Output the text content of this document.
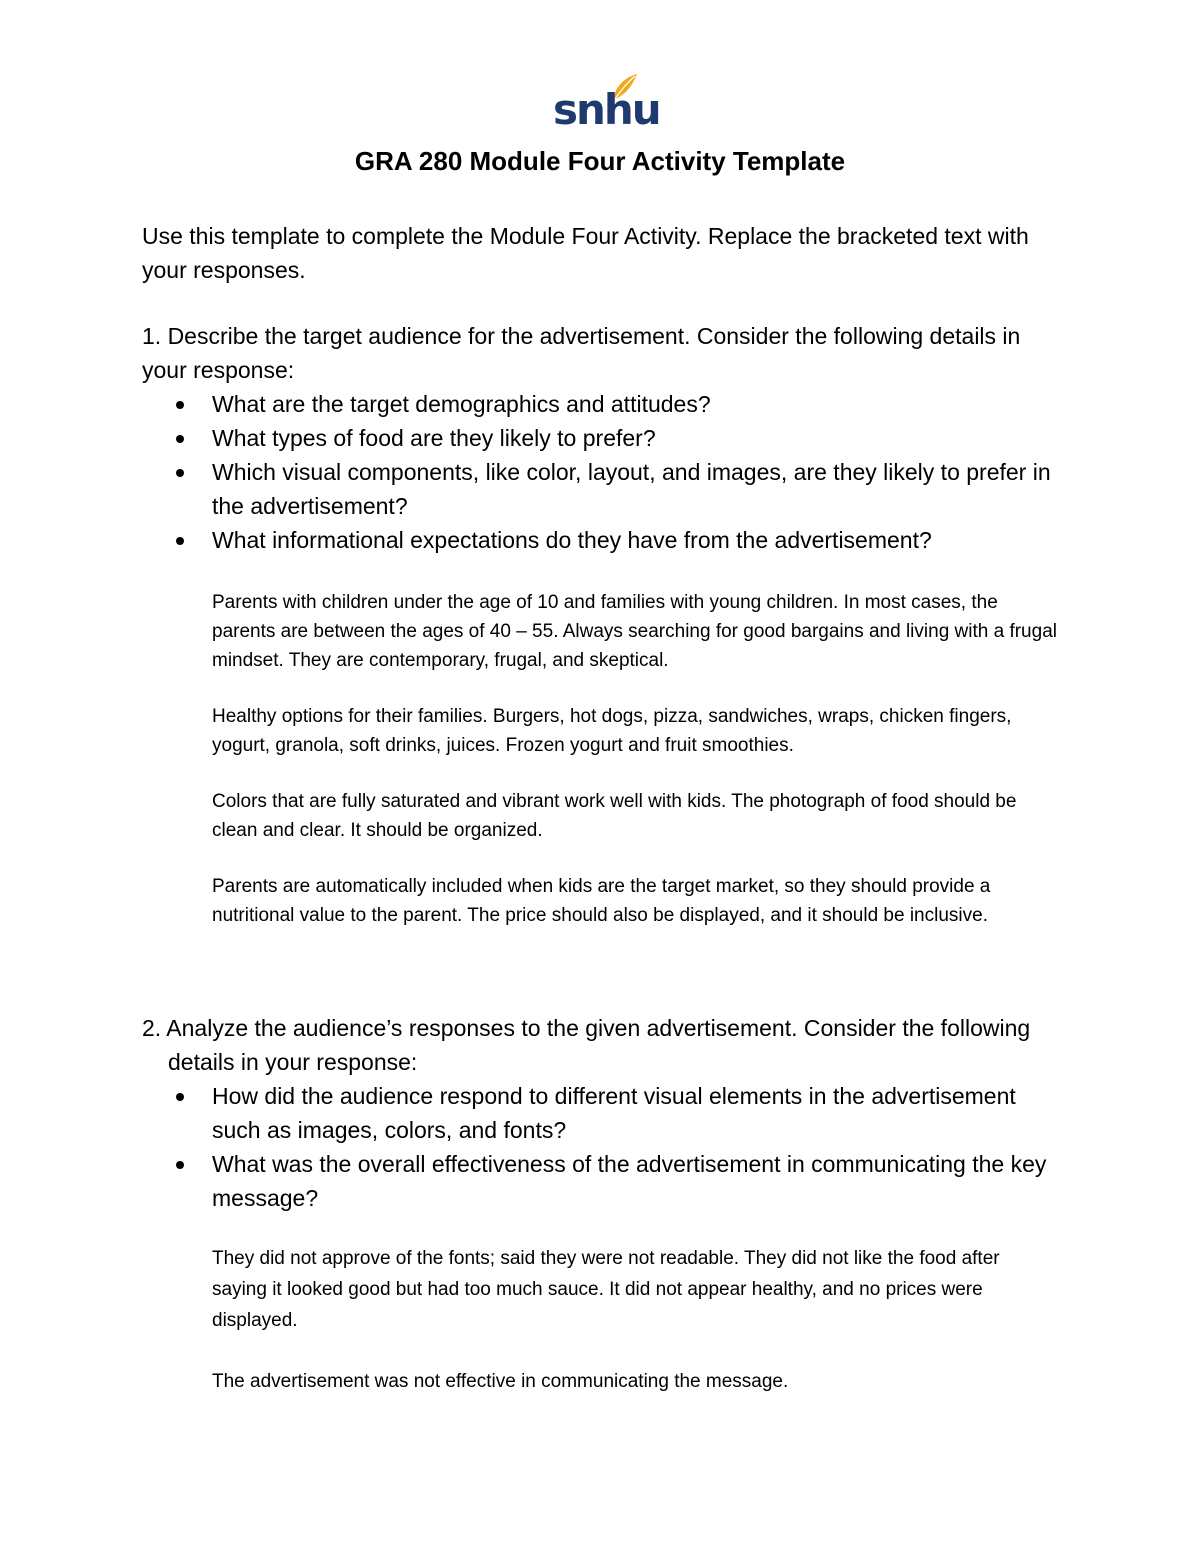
snhu
GRA 280 Module Four Activity Template

Use this template to complete the Module Four Activity. Replace the bracketed text with your responses.

1. Describe the target audience for the advertisement. Consider the following details in your response:
What are the target demographics and attitudes?
What types of food are they likely to prefer?
Which visual components, like color, layout, and images, are they likely to prefer in the advertisement?
What informational expectations do they have from the advertisement?

Parents with children under the age of 10 and families with young children. In most cases, the parents are between the ages of 40 – 55. Always searching for good bargains and living with a frugal mindset. They are contemporary, frugal, and skeptical.

Healthy options for their families. Burgers, hot dogs, pizza, sandwiches, wraps, chicken fingers, yogurt, granola, soft drinks, juices. Frozen yogurt and fruit smoothies.

Colors that are fully saturated and vibrant work well with kids. The photograph of food should be clean and clear. It should be organized.

Parents are automatically included when kids are the target market, so they should provide a nutritional value to the parent. The price should also be displayed, and it should be inclusive.

2. Analyze the audience’s responses to the given advertisement. Consider the following details in your response:
How did the audience respond to different visual elements in the advertisement such as images, colors, and fonts?
What was the overall effectiveness of the advertisement in communicating the key message?

They did not approve of the fonts; said they were not readable. They did not like the food after saying it looked good but had too much sauce. It did not appear healthy, and no prices were displayed.

The advertisement was not effective in communicating the message.
